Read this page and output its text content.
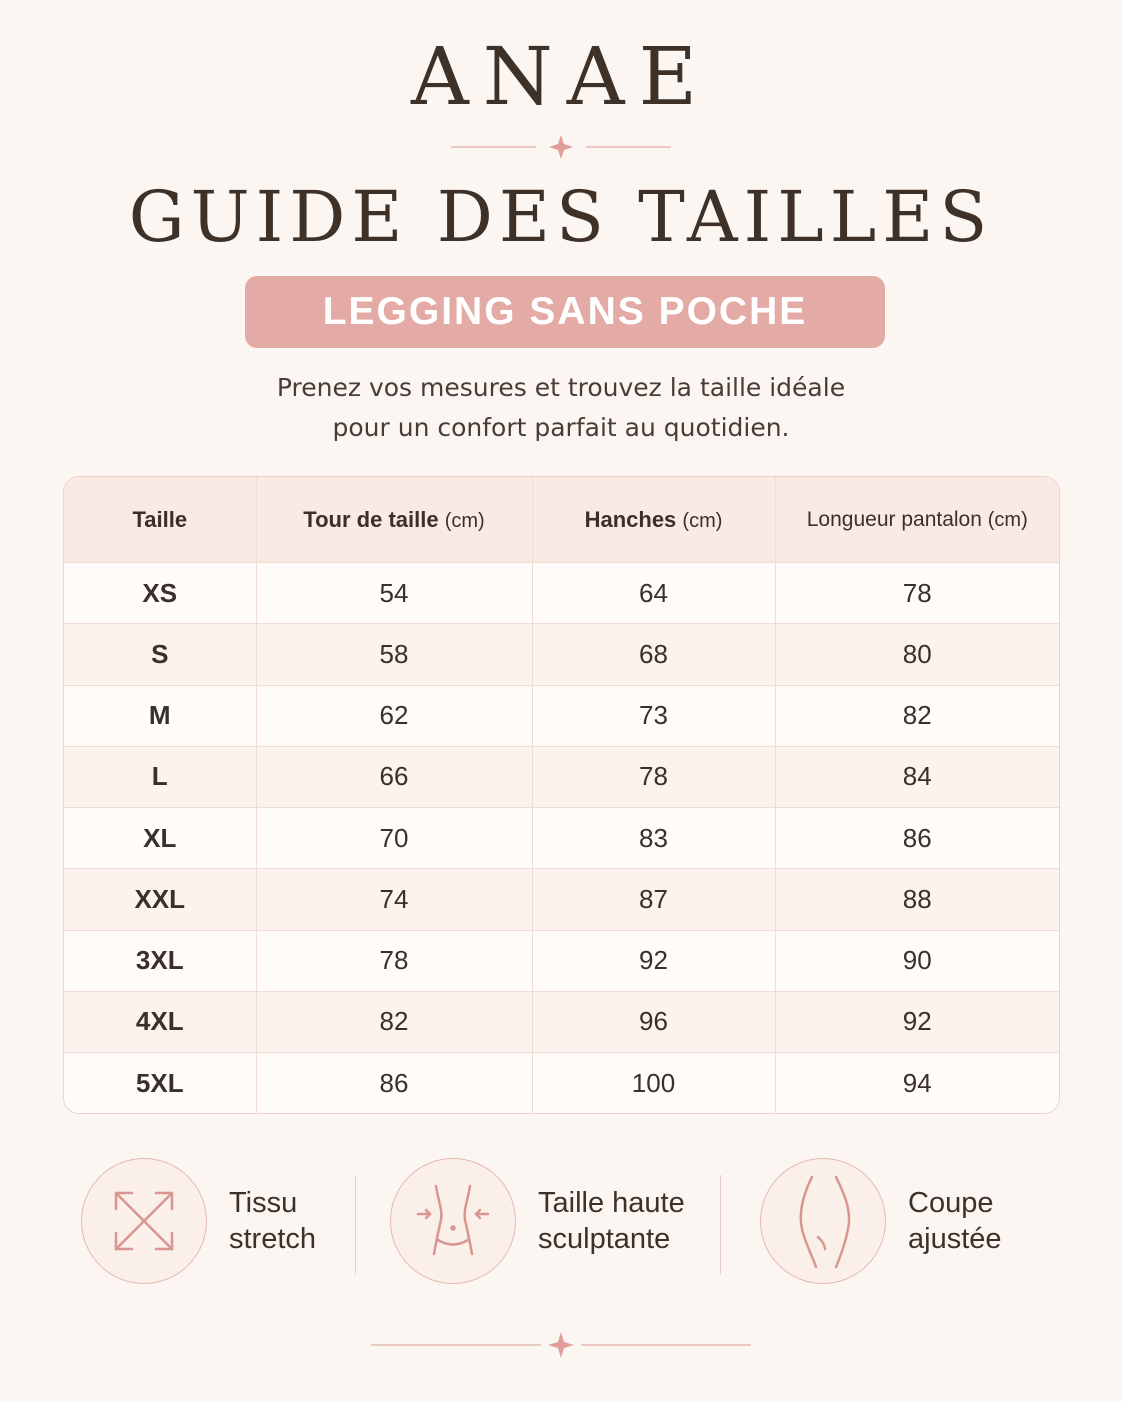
ANAE
GUIDE DES TAILLES
LEGGING SANS POCHE
Prenez vos mesures et trouvez la taille idéale
pour un confort parfait au quotidien.
Taille	Tour de taille (cm)	Hanches (cm)	Longueur pantalon (cm)
XS	54	64	78
S	58	68	80
M	62	73	82
L	66	78	84
XL	70	83	86
XXL	74	87	88
3XL	78	92	90
4XL	82	96	92
5XL	86	100	94
Tissu
stretch
Taille haute
sculptante
Coupe
ajustée
